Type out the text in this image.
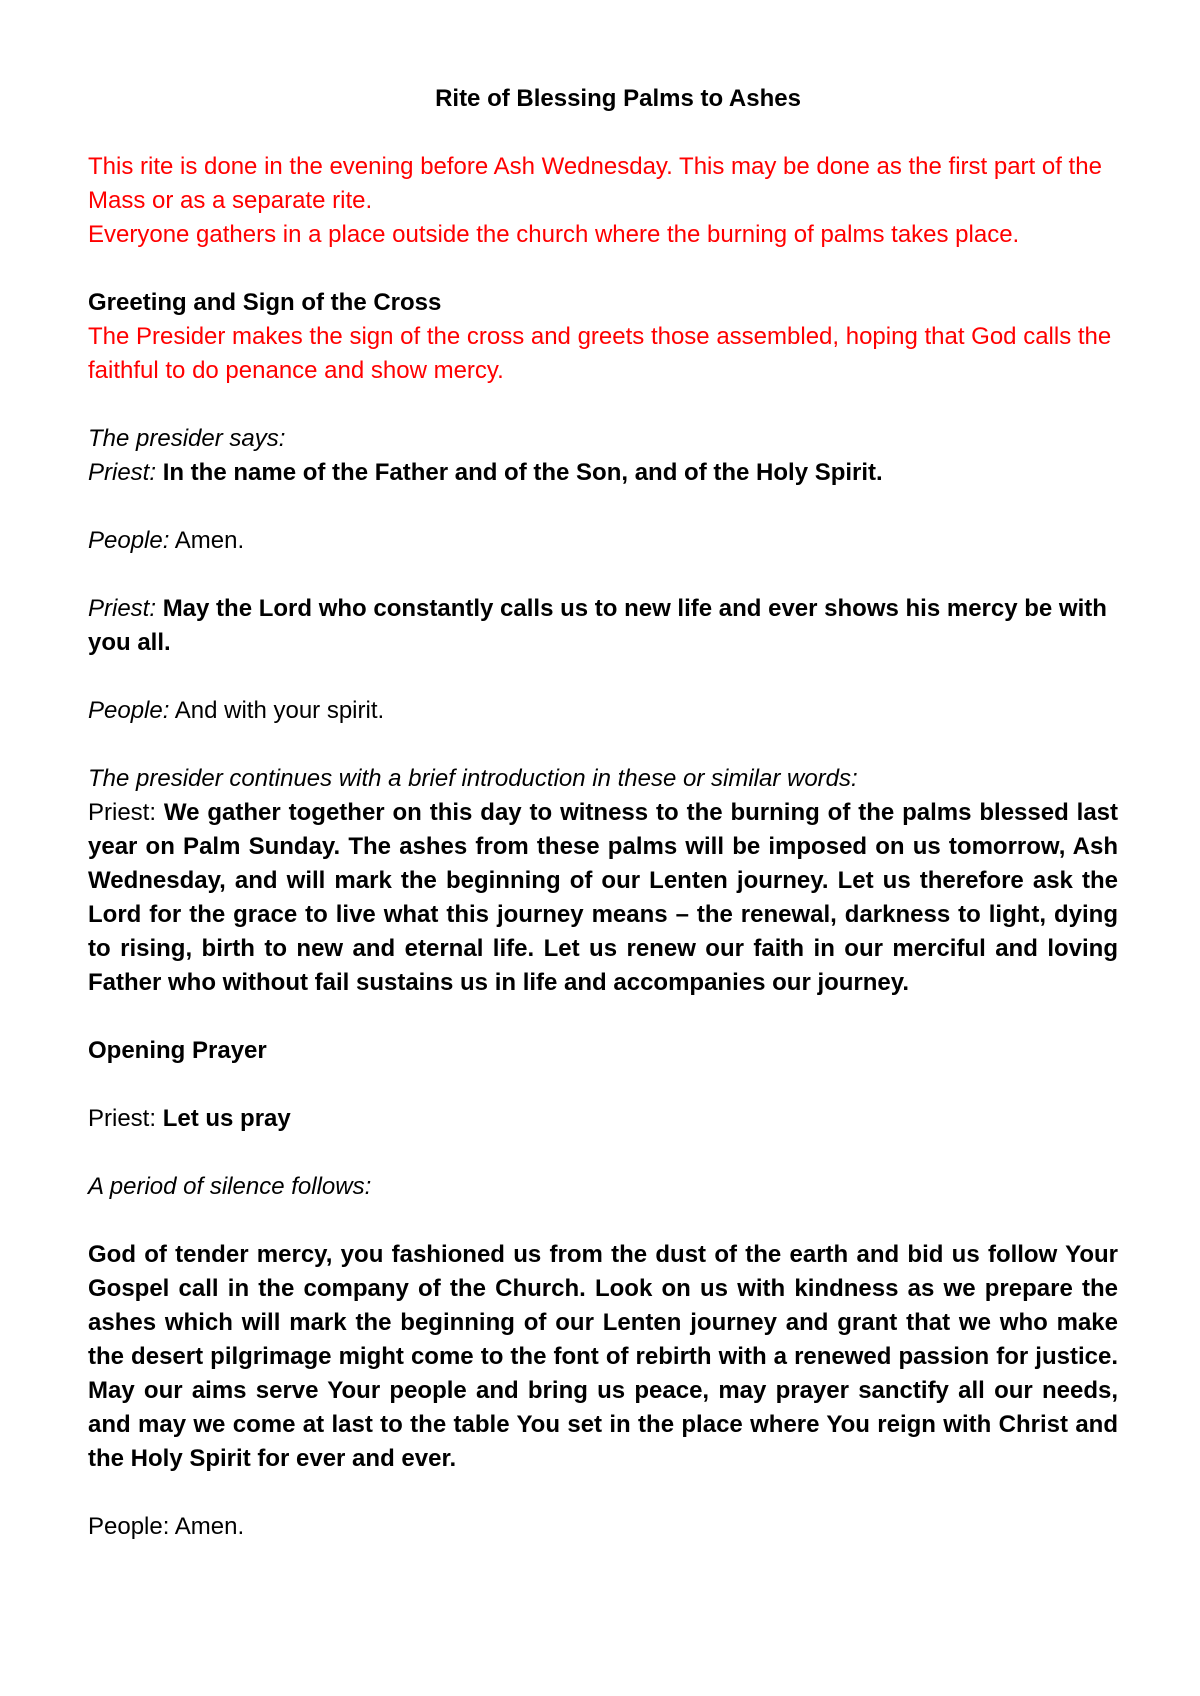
Rite of Blessing Palms to Ashes

This rite is done in the evening before Ash Wednesday. This may be done as the first part of the Mass or as a separate rite.

Everyone gathers in a place outside the church where the burning of palms takes place.

Greeting and Sign of the Cross

The Presider makes the sign of the cross and greets those assembled, hoping that God calls the faithful to do penance and show mercy.

The presider says:

Priest: In the name of the Father and of the Son, and of the Holy Spirit.

People: Amen.

Priest: May the Lord who constantly calls us to new life and ever shows his mercy be with you all.

People: And with your spirit.

The presider continues with a brief introduction in these or similar words:

Priest: We gather together on this day to witness to the burning of the palms blessed last year on Palm Sunday. The ashes from these palms will be imposed on us tomorrow, Ash Wednesday, and will mark the beginning of our Lenten journey. Let us therefore ask the Lord for the grace to live what this journey means – the renewal, darkness to light, dying to rising, birth to new and eternal life. Let us renew our faith in our merciful and loving Father who without fail sustains us in life and accompanies our journey.

Opening Prayer

Priest: Let us pray

A period of silence follows:

God of tender mercy, you fashioned us from the dust of the earth and bid us follow Your Gospel call in the company of the Church. Look on us with kindness as we prepare the ashes which will mark the beginning of our Lenten journey and grant that we who make the desert pilgrimage might come to the font of rebirth with a renewed passion for justice. May our aims serve Your people and bring us peace, may prayer sanctify all our needs, and may we come at last to the table You set in the place where You reign with Christ and the Holy Spirit for ever and ever.

People: Amen.
